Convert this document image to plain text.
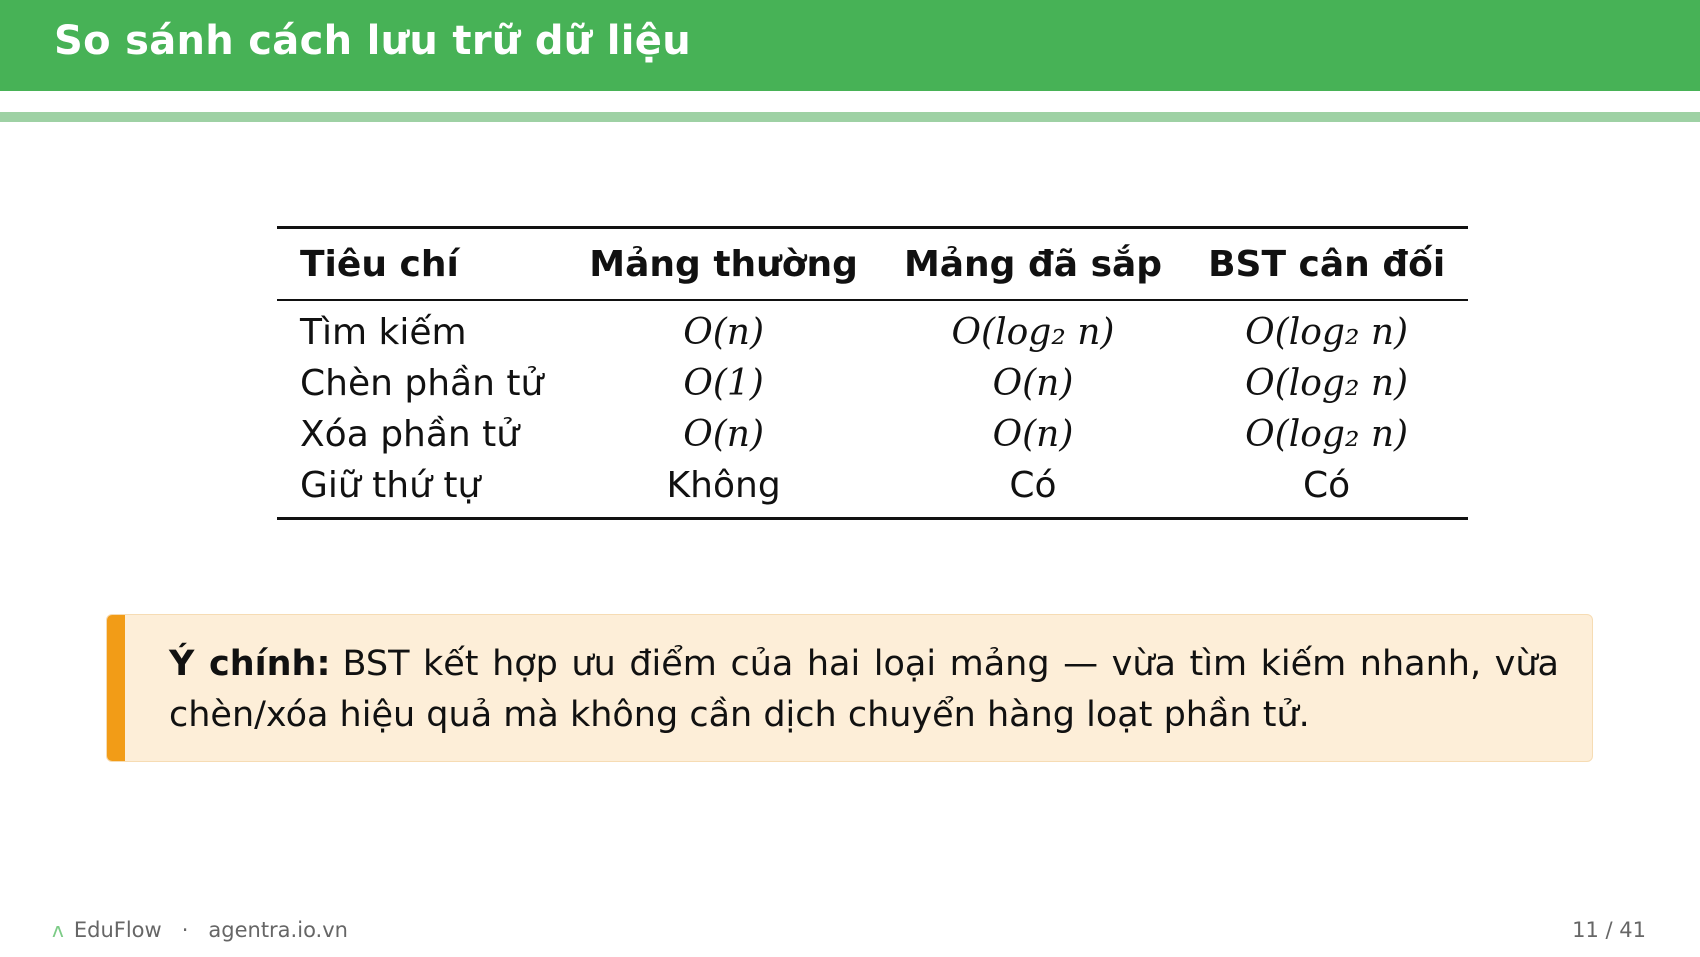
So sánh cách lưu trữ dữ liệu
Tiêu chí	Mảng thường	Mảng đã sắp	BST cân đối
Tìm kiếm	O(n)	O(log₂ n)	O(log₂ n)
Chèn phần tử	O(1)	O(n)	O(log₂ n)
Xóa phần tử	O(n)	O(n)	O(log₂ n)
Giữ thứ tự	Không	Có	Có
Ý chính: BST kết hợp ưu điểm của hai loại mảng — vừa tìm kiếm nhanh, vừa chèn/xóa hiệu quả mà không cần dịch chuyển hàng loạt phần tử.
ʌ EduFlow · agentra.io.vn	11 / 41
